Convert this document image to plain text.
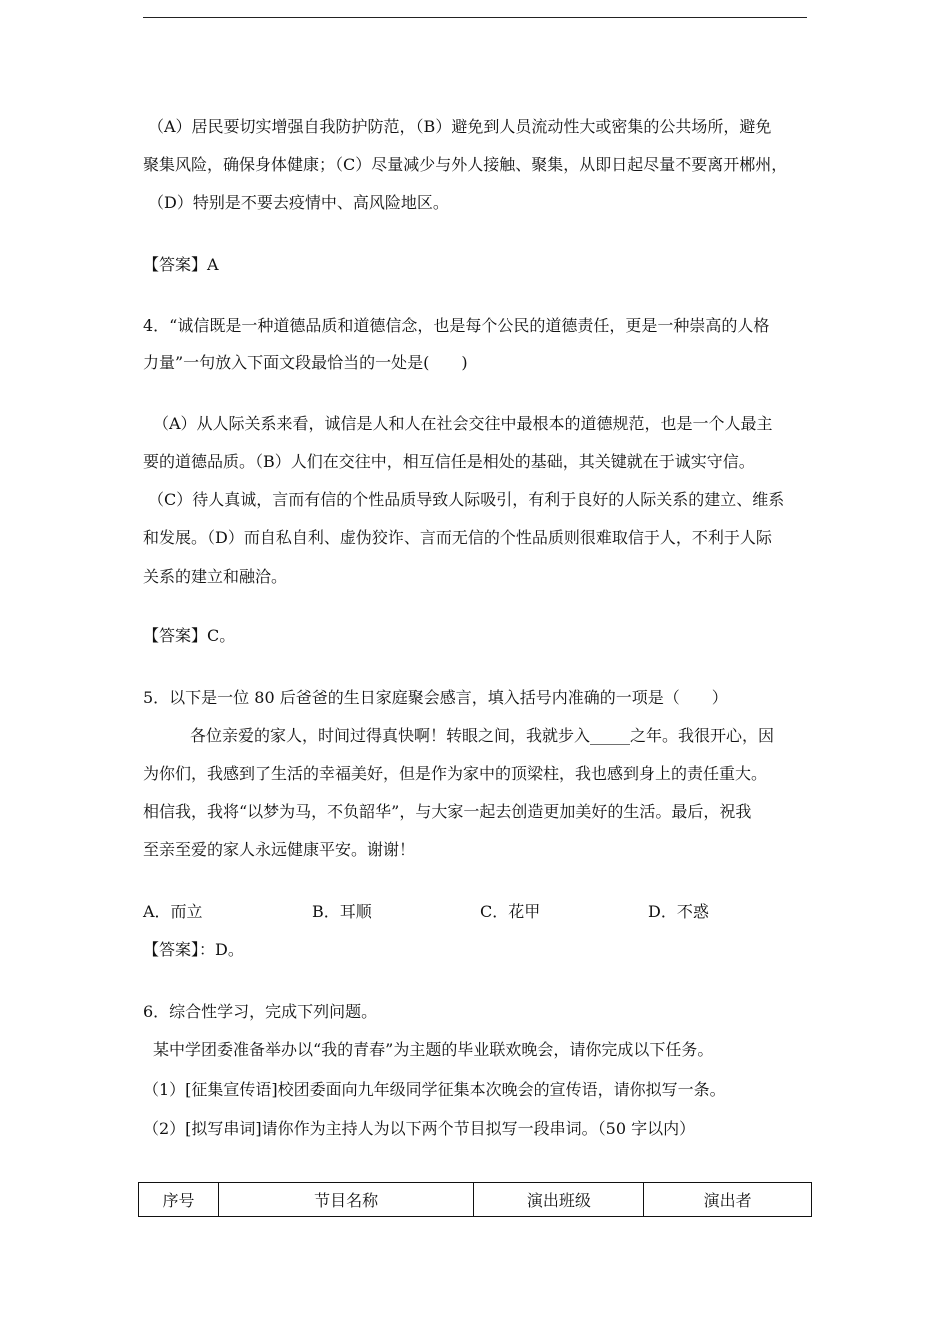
（A）居民要切实增强自我防护防范，（B）避免到人员流动性大或密集的公共场所，避免
聚集风险，确保身体健康；（C）尽量减少与外人接触、聚集，从即日起尽量不要离开郴州，
（D）特别是不要去疫情中、高风险地区。
【答案】A
4．“诚信既是一种道德品质和道德信念，也是每个公民的道德责任，更是一种崇高的人格
力量”一句放入下面文段最恰当的一处是(　　)
（A）从人际关系来看，诚信是人和人在社会交往中最根本的道德规范，也是一个人最主
要的道德品质。（B）人们在交往中，相互信任是相处的基础，其关键就在于诚实守信。
（C）待人真诚，言而有信的个性品质导致人际吸引，有利于良好的人际关系的建立、维系
和发展。（D）而自私自利、虚伪狡诈、言而无信的个性品质则很难取信于人，不利于人际
关系的建立和融洽。
【答案】C。
5．以下是一位 80 后爸爸的生日家庭聚会感言，填入括号内准确的一项是（　　）
各位亲爱的家人，时间过得真快啊！转眼之间，我就步入_____之年。我很开心，因
为你们，我感到了生活的幸福美好，但是作为家中的顶梁柱，我也感到身上的责任重大。
相信我，我将“以梦为马，不负韶华”，与大家一起去创造更加美好的生活。最后，祝我
至亲至爱的家人永远健康平安。谢谢！
A．而立	B．耳顺	C．花甲	D．不惑
【答案】：D。
6．综合性学习，完成下列问题。
某中学团委准备举办以“我的青春”为主题的毕业联欢晚会，请你完成以下任务。
（1）[征集宣传语]校团委面向九年级同学征集本次晚会的宣传语，请你拟写一条。
（2）[拟写串词]请你作为主持人为以下两个节目拟写一段串词。（50 字以内）
序号	节目名称	演出班级	演出者
